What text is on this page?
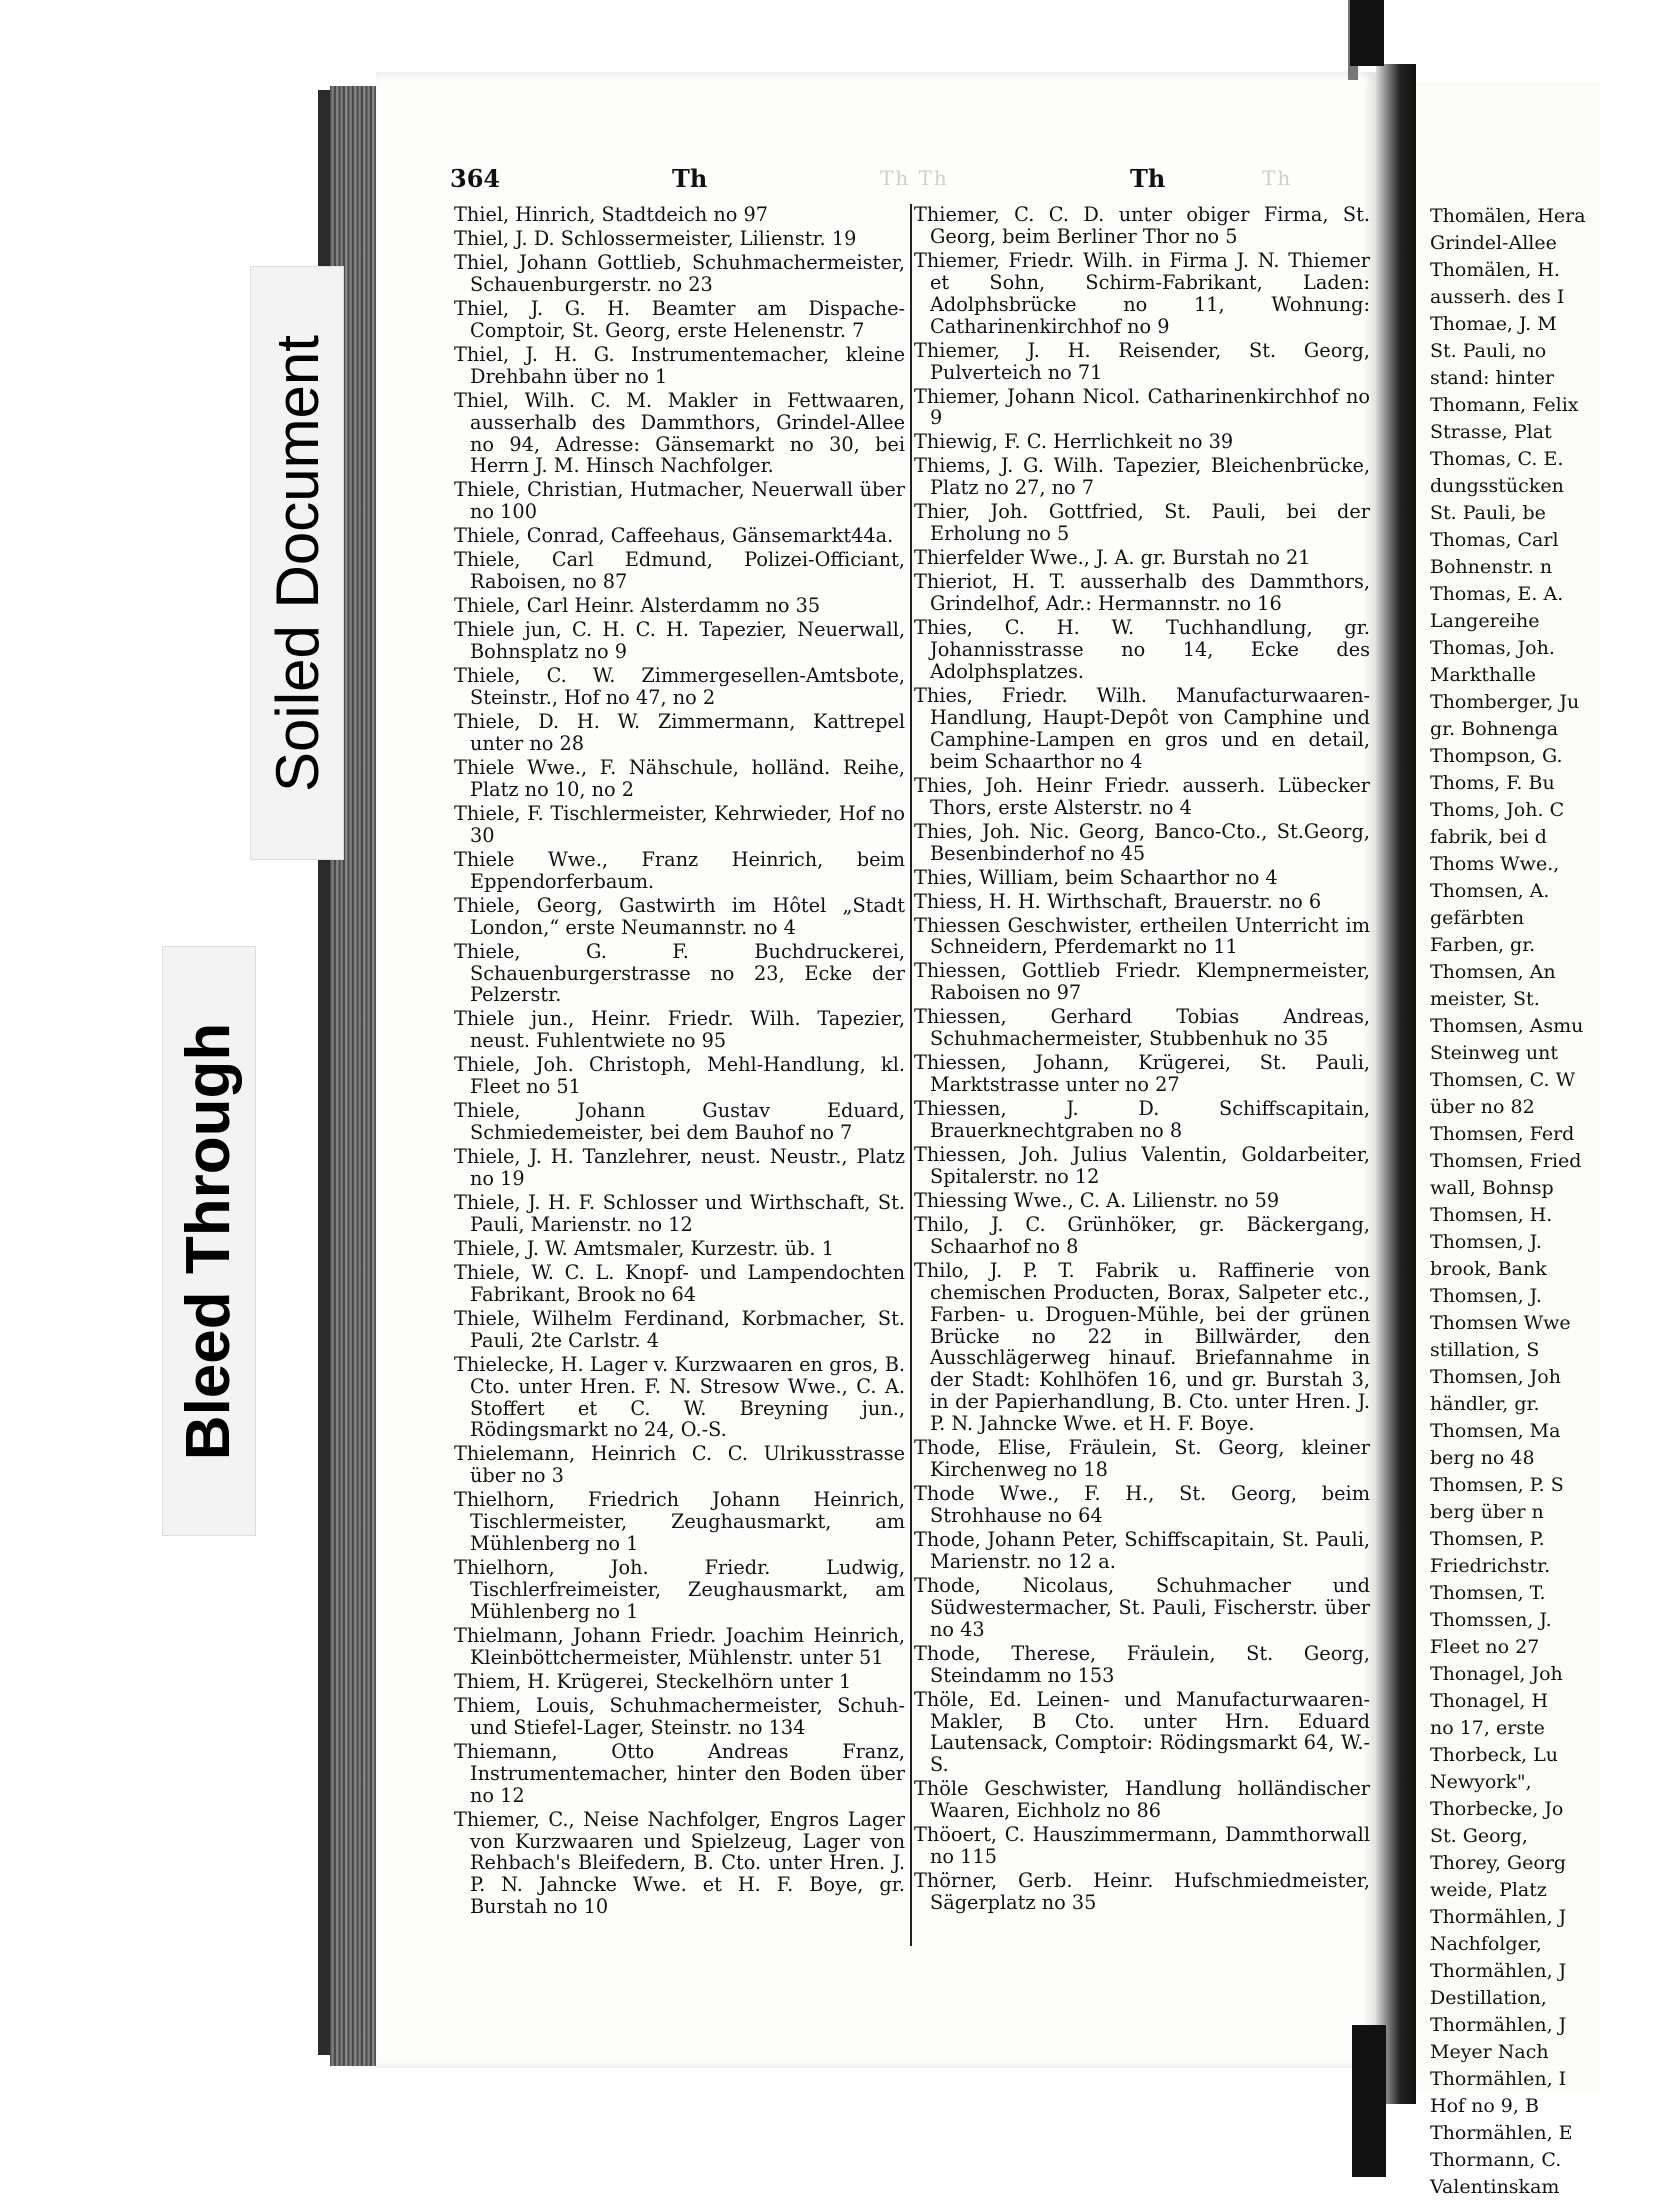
Soiled Document
Bleed Through
364	Th	Th
Th Th	Th
Thiel, Hinrich, Stadtdeich no 97
Thiel, J. D. Schlossermeister, Lilienstr. 19
Thiel, Johann Gottlieb, Schuhmachermeister, Schauenburgerstr. no 23
Thiel, J. G. H. Beamter am Dispache-Comptoir, St. Georg, erste Helenenstr. 7
Thiel, J. H. G. Instrumentemacher, kleine Drehbahn über no 1
Thiel, Wilh. C. M. Makler in Fettwaaren, ausserhalb des Dammthors, Grindel-Allee no 94, Adresse: Gänsemarkt no 30, bei Herrn J. M. Hinsch Nachfolger.
Thiele, Christian, Hutmacher, Neuerwall über no 100
Thiele, Conrad, Caffeehaus, Gänsemarkt44a.
Thiele, Carl Edmund, Polizei-Officiant, Raboisen, no 87
Thiele, Carl Heinr. Alsterdamm no 35
Thiele jun, C. H. C. H. Tapezier, Neuerwall, Bohnsplatz no 9
Thiele, C. W. Zimmergesellen-Amtsbote, Steinstr., Hof no 47, no 2
Thiele, D. H. W. Zimmermann, Kattrepel unter no 28
Thiele Wwe., F. Nähschule, holländ. Reihe, Platz no 10, no 2
Thiele, F. Tischlermeister, Kehrwieder, Hof no 30
Thiele Wwe., Franz Heinrich, beim Eppendorferbaum.
Thiele, Georg, Gastwirth im Hôtel „Stadt London,“ erste Neumannstr. no 4
Thiele, G. F. Buchdruckerei, Schauenburgerstrasse no 23, Ecke der Pelzerstr.
Thiele jun., Heinr. Friedr. Wilh. Tapezier, neust. Fuhlentwiete no 95
Thiele, Joh. Christoph, Mehl-Handlung, kl. Fleet no 51
Thiele, Johann Gustav Eduard, Schmiedemeister, bei dem Bauhof no 7
Thiele, J. H. Tanzlehrer, neust. Neustr., Platz no 19
Thiele, J. H. F. Schlosser und Wirthschaft, St. Pauli, Marienstr. no 12
Thiele, J. W. Amtsmaler, Kurzestr. üb. 1
Thiele, W. C. L. Knopf- und Lampendochten Fabrikant, Brook no 64
Thiele, Wilhelm Ferdinand, Korbmacher, St. Pauli, 2te Carlstr. 4
Thielecke, H. Lager v. Kurzwaaren en gros, B. Cto. unter Hren. F. N. Stresow Wwe., C. A. Stoffert et C. W. Breyning jun., Rödingsmarkt no 24, O.-S.
Thielemann, Heinrich C. C. Ulrikusstrasse über no 3
Thielhorn, Friedrich Johann Heinrich, Tischlermeister, Zeughausmarkt, am Mühlenberg no 1
Thielhorn, Joh. Friedr. Ludwig, Tischlerfreimeister, Zeughausmarkt, am Mühlenberg no 1
Thielmann, Johann Friedr. Joachim Heinrich, Kleinböttchermeister, Mühlenstr. unter 51
Thiem, H. Krügerei, Steckelhörn unter 1
Thiem, Louis, Schuhmachermeister, Schuh- und Stiefel-Lager, Steinstr. no 134
Thiemann, Otto Andreas Franz, Instrumentemacher, hinter den Boden über no 12
Thiemer, C., Neise Nachfolger, Engros Lager von Kurzwaaren und Spielzeug, Lager von Rehbach's Bleifedern, B. Cto. unter Hren. J. P. N. Jahncke Wwe. et H. F. Boye, gr. Burstah no 10
Thiemer, C. C. D. unter obiger Firma, St. Georg, beim Berliner Thor no 5
Thiemer, Friedr. Wilh. in Firma J. N. Thiemer et Sohn, Schirm-Fabrikant, Laden: Adolphsbrücke no 11, Wohnung: Catharinenkirchhof no 9
Thiemer, J. H. Reisender, St. Georg, Pulverteich no 71
Thiemer, Johann Nicol. Catharinenkirchhof no 9
Thiewig, F. C. Herrlichkeit no 39
Thiems, J. G. Wilh. Tapezier, Bleichenbrücke, Platz no 27, no 7
Thier, Joh. Gottfried, St. Pauli, bei der Erholung no 5
Thierfelder Wwe., J. A. gr. Burstah no 21
Thieriot, H. T. ausserhalb des Dammthors, Grindelhof, Adr.: Hermannstr. no 16
Thies, C. H. W. Tuchhandlung, gr. Johannisstrasse no 14, Ecke des Adolphsplatzes.
Thies, Friedr. Wilh. Manufacturwaaren-Handlung, Haupt-Depôt von Camphine und Camphine-Lampen en gros und en detail, beim Schaarthor no 4
Thies, Joh. Heinr Friedr. ausserh. Lübecker Thors, erste Alsterstr. no 4
Thies, Joh. Nic. Georg, Banco-Cto., St.Georg, Besenbinderhof no 45
Thies, William, beim Schaarthor no 4
Thiess, H. H. Wirthschaft, Brauerstr. no 6
Thiessen Geschwister, ertheilen Unterricht im Schneidern, Pferdemarkt no 11
Thiessen, Gottlieb Friedr. Klempnermeister, Raboisen no 97
Thiessen, Gerhard Tobias Andreas, Schuhmachermeister, Stubbenhuk no 35
Thiessen, Johann, Krügerei, St. Pauli, Marktstrasse unter no 27
Thiessen, J. D. Schiffscapitain, Brauerknechtgraben no 8
Thiessen, Joh. Julius Valentin, Goldarbeiter, Spitalerstr. no 12
Thiessing Wwe., C. A. Lilienstr. no 59
Thilo, J. C. Grünhöker, gr. Bäckergang, Schaarhof no 8
Thilo, J. P. T. Fabrik u. Raffinerie von chemischen Producten, Borax, Salpeter etc., Farben- u. Droguen-Mühle, bei der grünen Brücke no 22 in Billwärder, den Ausschlägerweg hinauf. Briefannahme in der Stadt: Kohlhöfen 16, und gr. Burstah 3, in der Papierhandlung, B. Cto. unter Hren. J. P. N. Jahncke Wwe. et H. F. Boye.
Thode, Elise, Fräulein, St. Georg, kleiner Kirchenweg no 18
Thode Wwe., F. H., St. Georg, beim Strohhause no 64
Thode, Johann Peter, Schiffscapitain, St. Pauli, Marienstr. no 12 a.
Thode, Nicolaus, Schuhmacher und Südwestermacher, St. Pauli, Fischerstr. über no 43
Thode, Therese, Fräulein, St. Georg, Steindamm no 153
Thöle, Ed. Leinen- und Manufacturwaaren-Makler, B Cto. unter Hrn. Eduard Lautensack, Comptoir: Rödingsmarkt 64, W.-S.
Thöle Geschwister, Handlung holländischer Waaren, Eichholz no 86
Thöoert, C. Hauszimmermann, Dammthorwall no 115
Thörner, Gerb. Heinr. Hufschmiedmeister, Sägerplatz no 35
Thomälen, Hera
Grindel-Allee
Thomälen, H.
ausserh. des I
Thomae, J. M
St. Pauli, no
stand: hinter
Thomann, Felix
Strasse, Plat
Thomas, C. E.
dungsstücken
St. Pauli, be
Thomas, Carl
Bohnenstr. n
Thomas, E. A.
Langereihe
Thomas, Joh.
Markthalle
Thomberger, Ju
gr. Bohnenga
Thompson, G.
Thoms, F. Bu
Thoms, Joh. C
fabrik, bei d
Thoms Wwe.,
Thomsen, A.
gefärbten
Farben, gr.
Thomsen, An
meister, St.
Thomsen, Asmu
Steinweg unt
Thomsen, C. W
über no 82
Thomsen, Ferd
Thomsen, Fried
wall, Bohnsp
Thomsen, H.
Thomsen, J.
brook, Bank
Thomsen, J.
Thomsen Wwe
stillation, S
Thomsen, Joh
händler, gr.
Thomsen, Ma
berg no 48
Thomsen, P. S
berg über n
Thomsen, P.
Friedrichstr.
Thomsen, T.
Thomssen, J.
Fleet no 27
Thonagel, Joh
Thonagel, H
no 17, erste
Thorbeck, Lu
Newyork",
Thorbecke, Jo
St. Georg,
Thorey, Georg
weide, Platz
Thormählen, J
Nachfolger,
Thormählen, J
Destillation,
Thormählen, J
Meyer Nach
Thormählen, I
Hof no 9, B
Thormählen, E
Thormann, C.
Valentinskam
